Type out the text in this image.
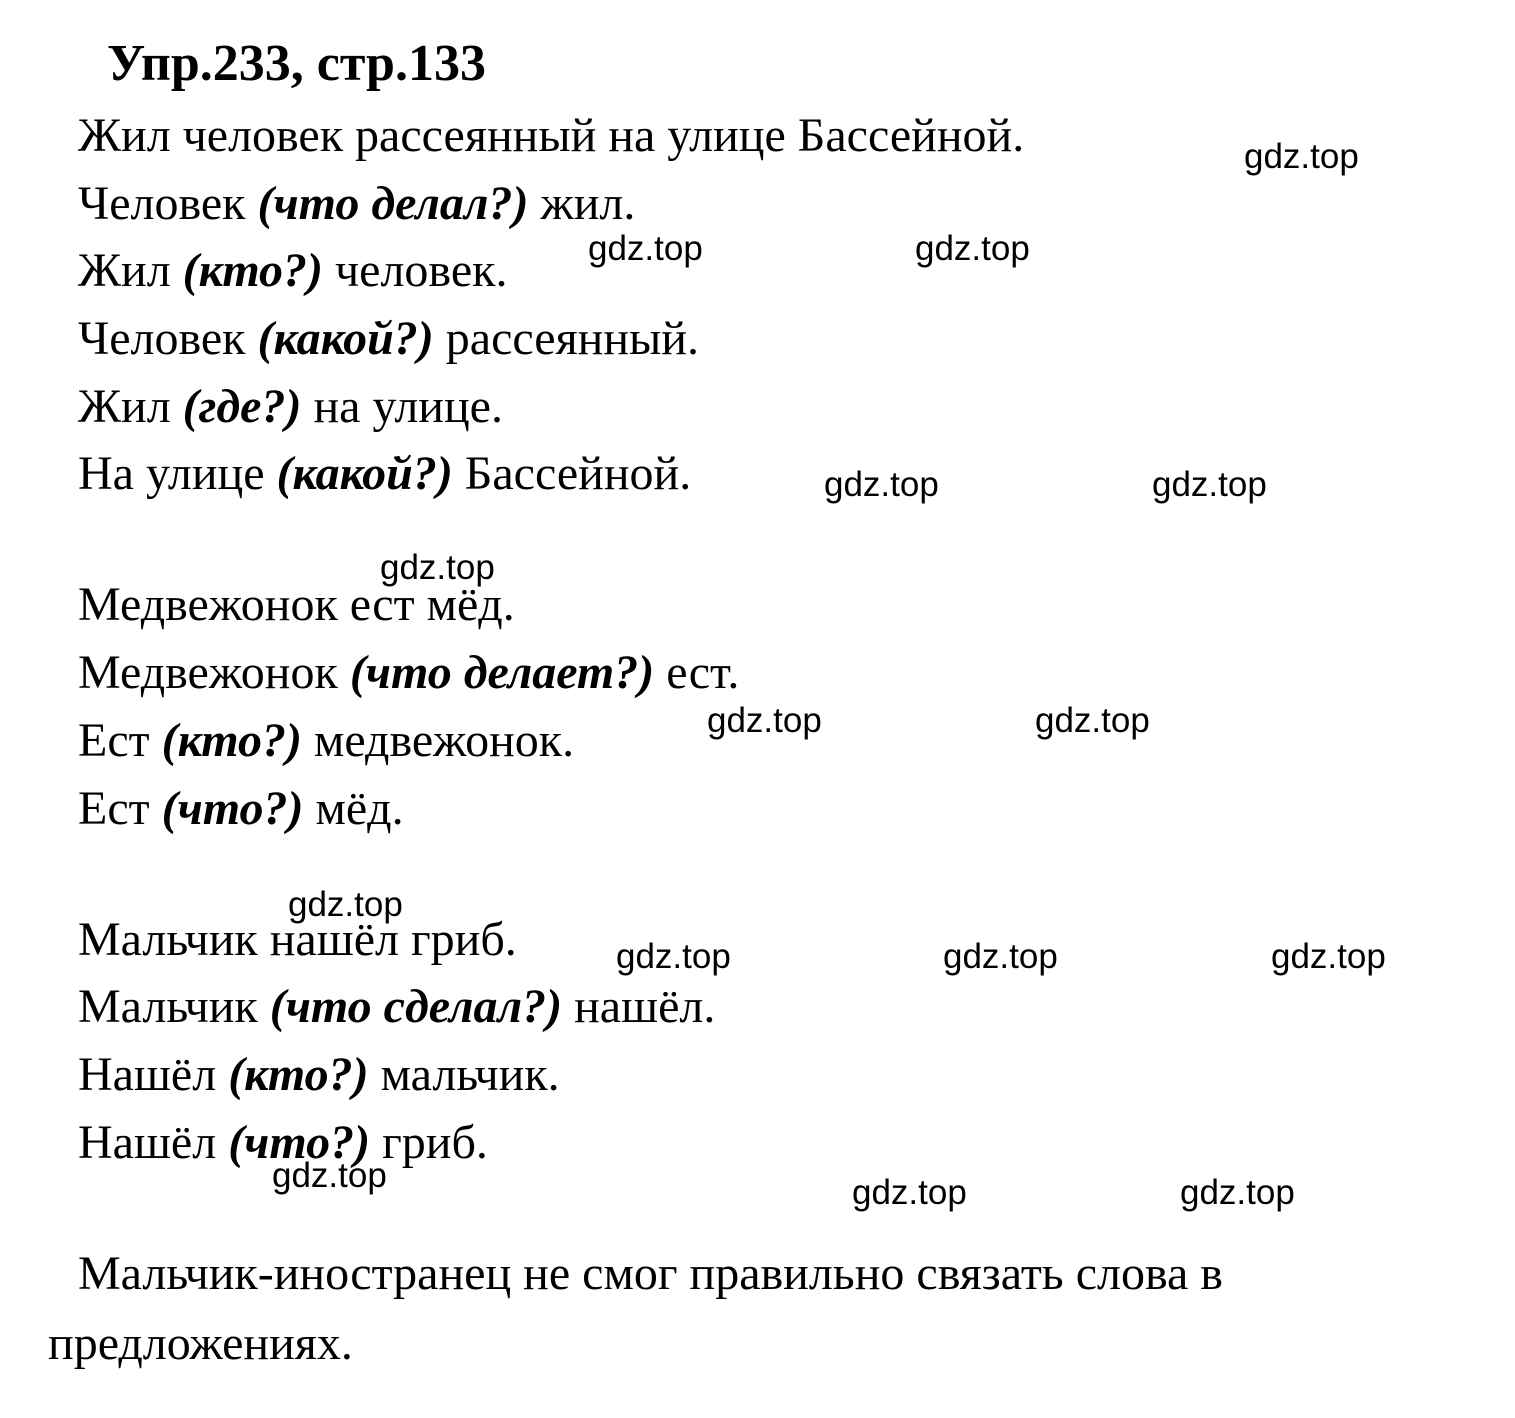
Упр.233, стр.133
Жил человек рассеянный на улице Бассейной.
Человек (что делал?) жил.
Жил (кто?) человек.
Человек (какой?) рассеянный.
Жил (где?) на улице.
На улице (какой?) Бассейной.
Медвежонок ест мёд.
Медвежонок (что делает?) ест.
Ест (кто?) медвежонок.
Ест (что?) мёд.
Мальчик нашёл гриб.
Мальчик (что сделал?) нашёл.
Нашёл (кто?) мальчик.
Нашёл (что?) гриб.
Мальчик-иностранец не смог правильно связать слова в
предложениях.
gdz.top
gdz.top	gdz.top
gdz.top	gdz.top
gdz.top
gdz.top	gdz.top
gdz.top
gdz.top	gdz.top	gdz.top
gdz.top	gdz.top	gdz.top
